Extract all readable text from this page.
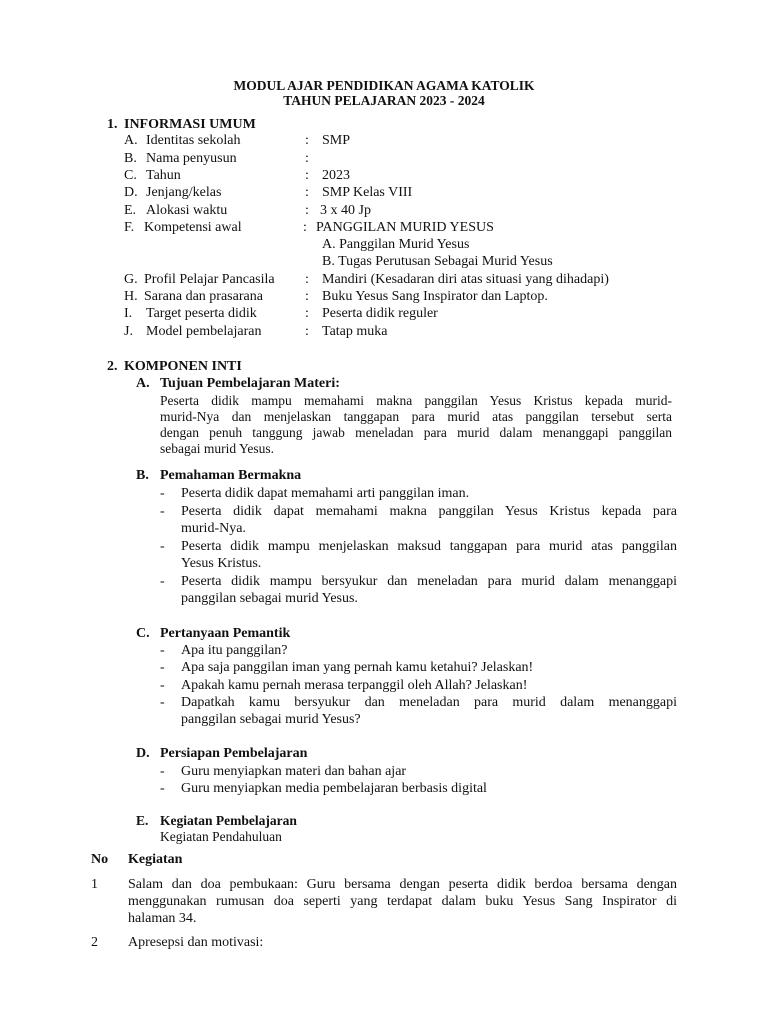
MODUL AJAR PENDIDIKAN AGAMA KATOLIK
TAHUN PELAJARAN 2023 - 2024
1. INFORMASI UMUM
A. Identitas sekolah	: SMP
B. Nama penyusun	:
C. Tahun	: 2023
D. Jenjang/kelas	: SMP Kelas VIII
E. Alokasi waktu	: 3 x 40 Jp
F. Kompetensi awal	: PANGGILAN MURID YESUS
A. Panggilan Murid Yesus
B. Tugas Perutusan Sebagai Murid Yesus
G. Profil Pelajar Pancasila : Mandiri (Kesadaran diri atas situasi yang dihadapi)
H. Sarana dan prasarana	: Buku Yesus Sang Inspirator dan Laptop.
I. Target peserta didik	: Peserta didik reguler
J. Model pembelajaran	: Tatap muka
2. KOMPONEN INTI
A. Tujuan Pembelajaran Materi:
Peserta didik mampu memahami makna panggilan Yesus Kristus kepada murid-
murid-Nya dan menjelaskan tanggapan para murid atas panggilan tersebut serta
dengan penuh tanggung jawab meneladan para murid dalam menanggapi panggilan
sebagai murid Yesus.
B. Pemahaman Bermakna
- Peserta didik dapat memahami arti panggilan iman.
- Peserta didik dapat memahami makna panggilan Yesus Kristus kepada para
murid-Nya.
- Peserta didik mampu menjelaskan maksud tanggapan para murid atas panggilan
Yesus Kristus.
- Peserta didik mampu bersyukur dan meneladan para murid dalam menanggapi
panggilan sebagai murid Yesus.
C. Pertanyaan Pemantik
- Apa itu panggilan?
- Apa saja panggilan iman yang pernah kamu ketahui? Jelaskan!
- Apakah kamu pernah merasa terpanggil oleh Allah? Jelaskan!
- Dapatkah kamu bersyukur dan meneladan para murid dalam menanggapi
panggilan sebagai murid Yesus?
D. Persiapan Pembelajaran
- Guru menyiapkan materi dan bahan ajar
- Guru menyiapkan media pembelajaran berbasis digital
E. Kegiatan Pembelajaran
Kegiatan Pendahuluan
No Kegiatan
1 Salam dan doa pembukaan: Guru bersama dengan peserta didik berdoa bersama dengan
menggunakan rumusan doa seperti yang terdapat dalam buku Yesus Sang Inspirator di
halaman 34.
2 Apresepsi dan motivasi:
